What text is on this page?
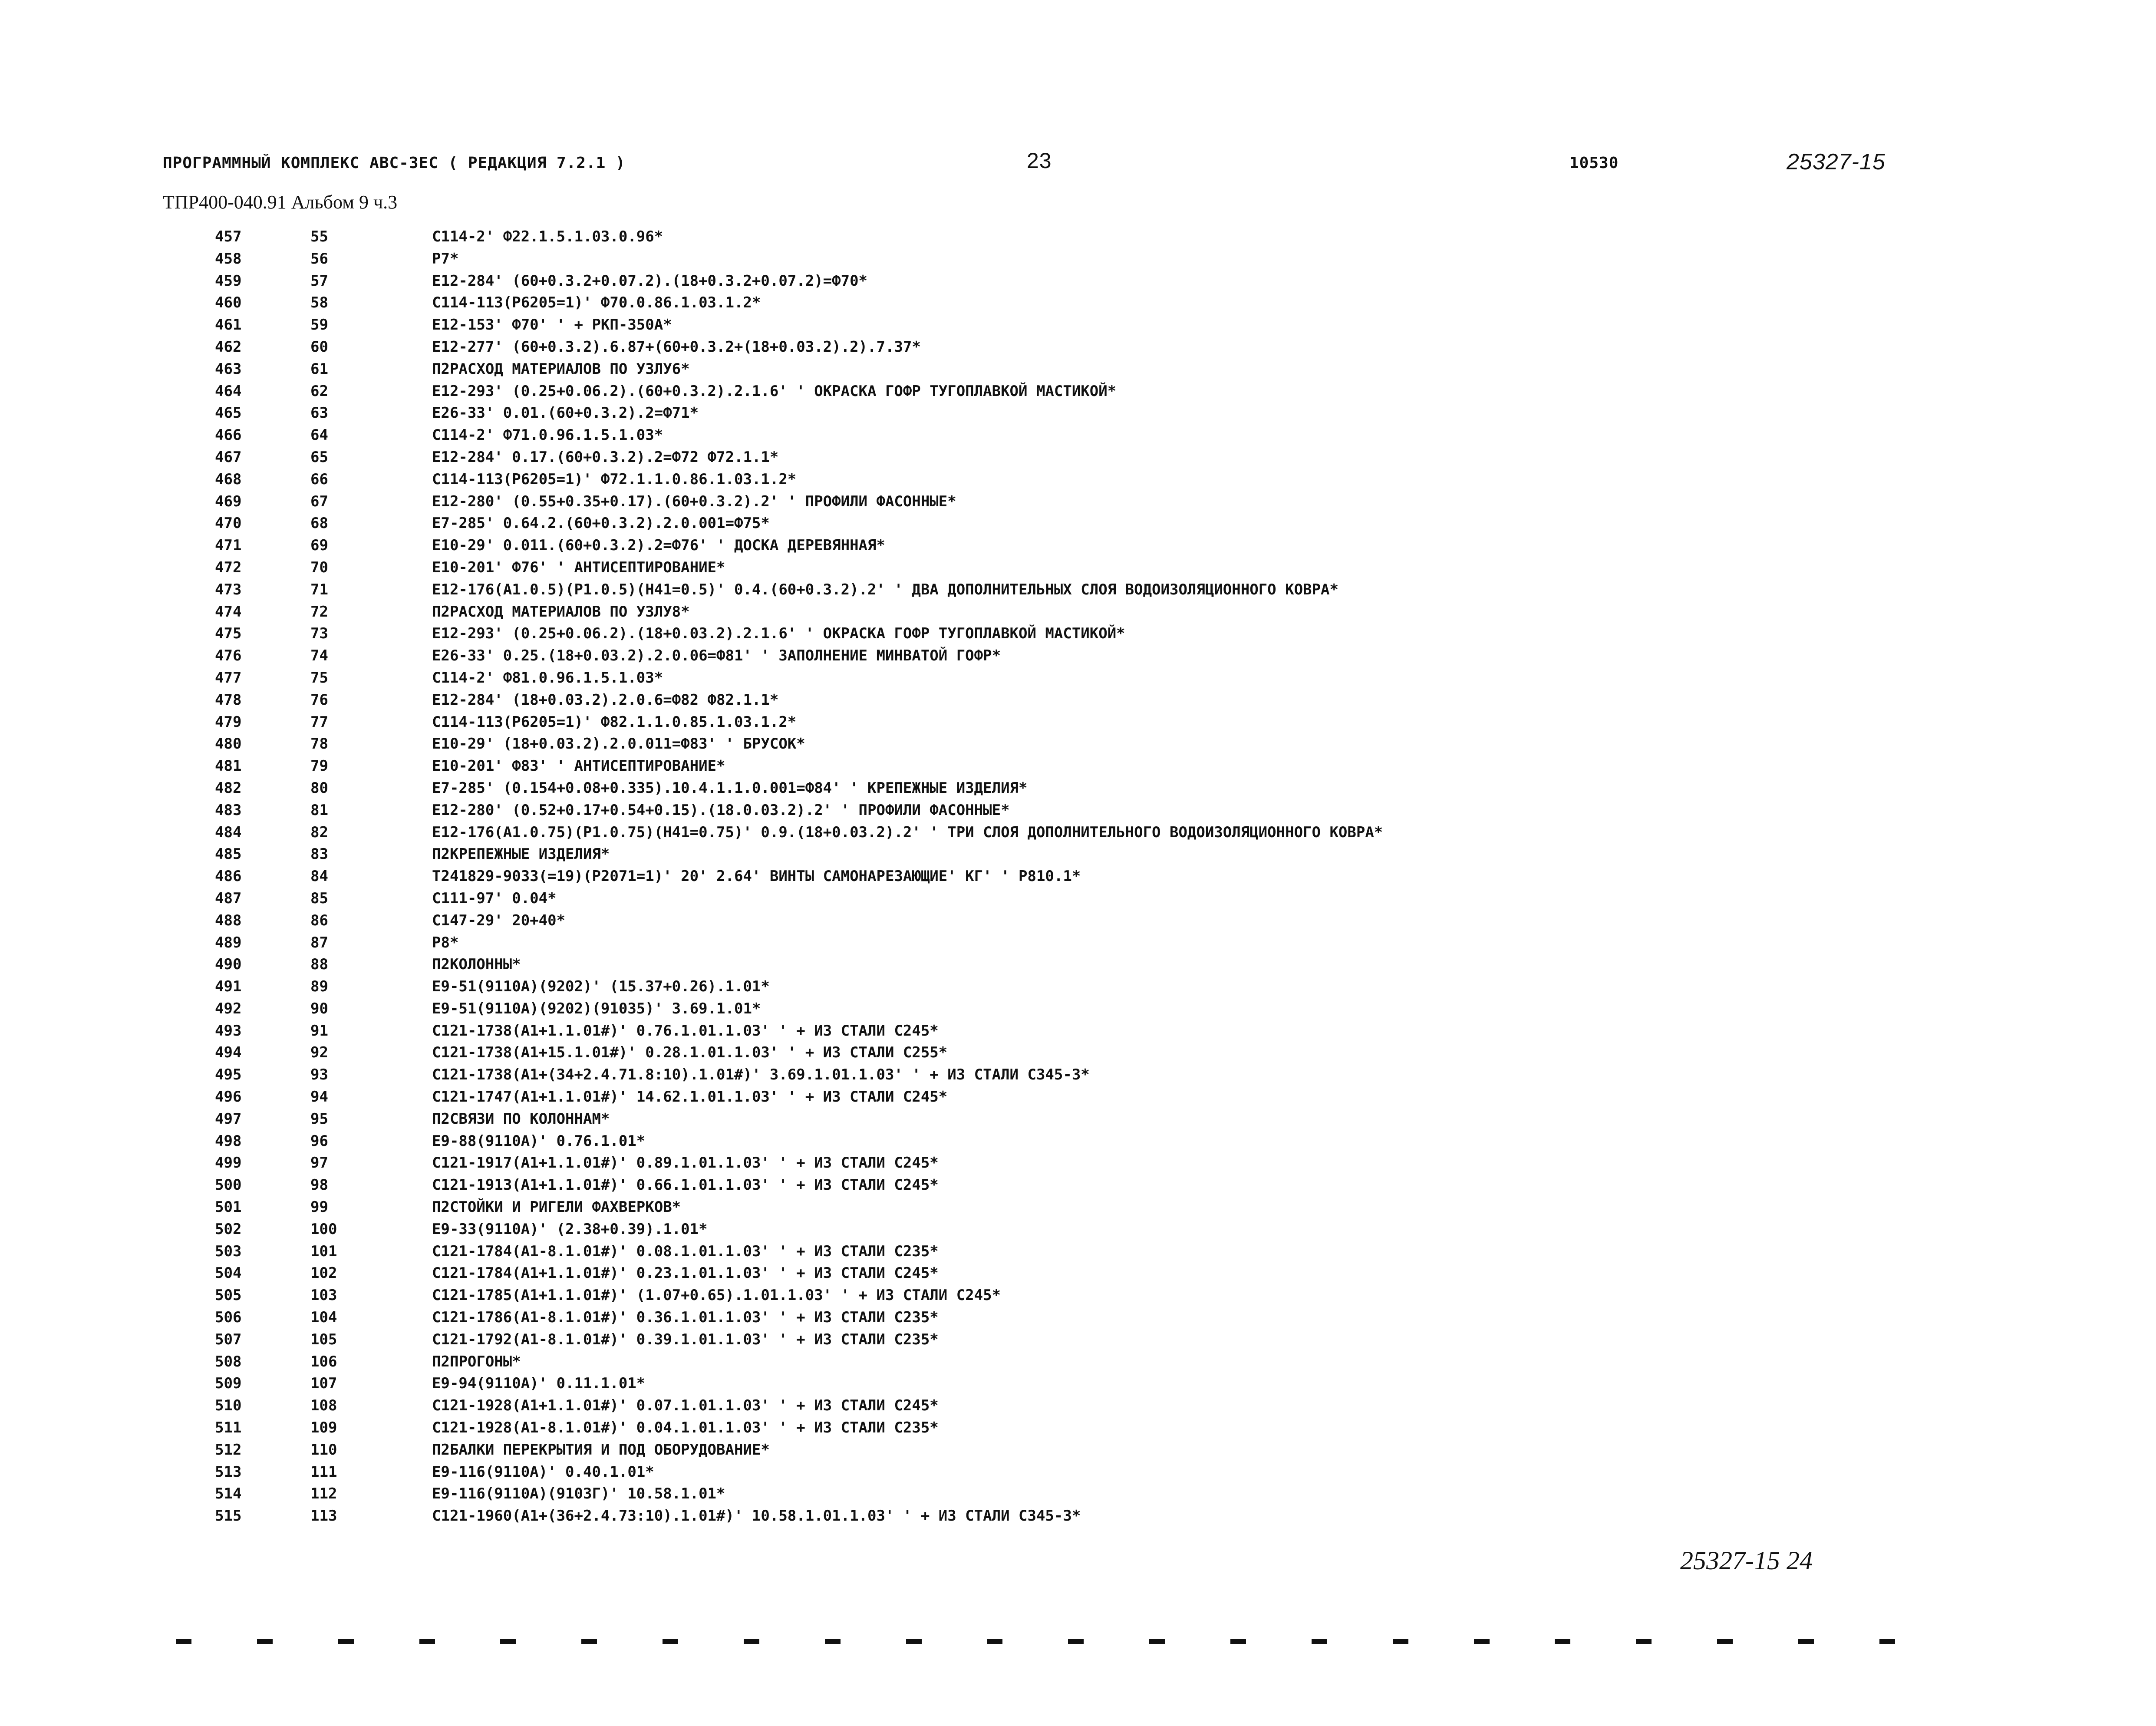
ПРОГРАММНЫЙ КОМПЛЕКС АВС-3ЕС ( РЕДАКЦИЯ 7.2.1 )	23	10530	25327-15
ТПР400-040.91 Альбом 9 ч.3
457	55	С114-2' Ф22.1.5.1.03.0.96*
458	56	Р7*
459	57	Е12-284' (60+0.3.2+0.07.2).(18+0.3.2+0.07.2)=Ф70*
460	58	С114-113(Р6205=1)' Ф70.0.86.1.03.1.2*
461	59	Е12-153' Ф70' ' + РКП-350А*
462	60	Е12-277' (60+0.3.2).6.87+(60+0.3.2+(18+0.03.2).2).7.37*
463	61	П2РАСХОД МАТЕРИАЛОВ ПО УЗЛУ6*
464	62	Е12-293' (0.25+0.06.2).(60+0.3.2).2.1.6' ' ОКРАСКА ГОФР ТУГОПЛАВКОЙ МАСТИКОЙ*
465	63	Е26-33' 0.01.(60+0.3.2).2=Ф71*
466	64	С114-2' Ф71.0.96.1.5.1.03*
467	65	Е12-284' 0.17.(60+0.3.2).2=Ф72 Ф72.1.1*
468	66	С114-113(Р6205=1)' Ф72.1.1.0.86.1.03.1.2*
469	67	Е12-280' (0.55+0.35+0.17).(60+0.3.2).2' ' ПРОФИЛИ ФАСОННЫЕ*
470	68	Е7-285' 0.64.2.(60+0.3.2).2.0.001=Ф75*
471	69	Е10-29' 0.011.(60+0.3.2).2=Ф76' ' ДОСКА ДЕРЕВЯННАЯ*
472	70	Е10-201' Ф76' ' АНТИСЕПТИРОВАНИЕ*
473	71	Е12-176(А1.0.5)(Р1.0.5)(Н41=0.5)' 0.4.(60+0.3.2).2' ' ДВА ДОПОЛНИТЕЛЬНЫХ СЛОЯ ВОДОИЗОЛЯЦИОННОГО КОВРА*
474	72	П2РАСХОД МАТЕРИАЛОВ ПО УЗЛУ8*
475	73	Е12-293' (0.25+0.06.2).(18+0.03.2).2.1.6' ' ОКРАСКА ГОФР ТУГОПЛАВКОЙ МАСТИКОЙ*
476	74	Е26-33' 0.25.(18+0.03.2).2.0.06=Ф81' ' ЗАПОЛНЕНИЕ МИНВАТОЙ ГОФР*
477	75	С114-2' Ф81.0.96.1.5.1.03*
478	76	Е12-284' (18+0.03.2).2.0.6=Ф82 Ф82.1.1*
479	77	С114-113(Р6205=1)' Ф82.1.1.0.85.1.03.1.2*
480	78	Е10-29' (18+0.03.2).2.0.011=Ф83' ' БРУСОК*
481	79	Е10-201' Ф83' ' АНТИСЕПТИРОВАНИЕ*
482	80	Е7-285' (0.154+0.08+0.335).10.4.1.1.0.001=Ф84' ' КРЕПЕЖНЫЕ ИЗДЕЛИЯ*
483	81	Е12-280' (0.52+0.17+0.54+0.15).(18.0.03.2).2' ' ПРОФИЛИ ФАСОННЫЕ*
484	82	Е12-176(А1.0.75)(Р1.0.75)(Н41=0.75)' 0.9.(18+0.03.2).2' ' ТРИ СЛОЯ ДОПОЛНИТЕЛЬНОГО ВОДОИЗОЛЯЦИОННОГО КОВРА*
485	83	П2КРЕПЕЖНЫЕ ИЗДЕЛИЯ*
486	84	Т241829-9033(=19)(Р2071=1)' 20' 2.64' ВИНТЫ САМОНАРЕЗАЮЩИЕ' КГ' ' Р810.1*
487	85	С111-97' 0.04*
488	86	С147-29' 20+40*
489	87	Р8*
490	88	П2КОЛОННЫ*
491	89	Е9-51(9110А)(9202)' (15.37+0.26).1.01*
492	90	Е9-51(9110А)(9202)(91035)' 3.69.1.01*
493	91	С121-1738(А1+1.1.01#)' 0.76.1.01.1.03' ' + ИЗ СТАЛИ С245*
494	92	С121-1738(А1+15.1.01#)' 0.28.1.01.1.03' ' + ИЗ СТАЛИ С255*
495	93	С121-1738(А1+(34+2.4.71.8:10).1.01#)' 3.69.1.01.1.03' ' + ИЗ СТАЛИ С345-3*
496	94	С121-1747(А1+1.1.01#)' 14.62.1.01.1.03' ' + ИЗ СТАЛИ С245*
497	95	П2СВЯЗИ ПО КОЛОННАМ*
498	96	Е9-88(9110А)' 0.76.1.01*
499	97	С121-1917(А1+1.1.01#)' 0.89.1.01.1.03' ' + ИЗ СТАЛИ С245*
500	98	С121-1913(А1+1.1.01#)' 0.66.1.01.1.03' ' + ИЗ СТАЛИ С245*
501	99	П2СТОЙКИ И РИГЕЛИ ФАХВЕРКОВ*
502	100	Е9-33(9110А)' (2.38+0.39).1.01*
503	101	С121-1784(А1-8.1.01#)' 0.08.1.01.1.03' ' + ИЗ СТАЛИ С235*
504	102	С121-1784(А1+1.1.01#)' 0.23.1.01.1.03' ' + ИЗ СТАЛИ С245*
505	103	С121-1785(А1+1.1.01#)' (1.07+0.65).1.01.1.03' ' + ИЗ СТАЛИ С245*
506	104	С121-1786(А1-8.1.01#)' 0.36.1.01.1.03' ' + ИЗ СТАЛИ С235*
507	105	С121-1792(А1-8.1.01#)' 0.39.1.01.1.03' ' + ИЗ СТАЛИ С235*
508	106	П2ПРОГОНЫ*
509	107	Е9-94(9110А)' 0.11.1.01*
510	108	С121-1928(А1+1.1.01#)' 0.07.1.01.1.03' ' + ИЗ СТАЛИ С245*
511	109	С121-1928(А1-8.1.01#)' 0.04.1.01.1.03' ' + ИЗ СТАЛИ С235*
512	110	П2БАЛКИ ПЕРЕКРЫТИЯ И ПОД ОБОРУДОВАНИЕ*
513	111	Е9-116(9110А)' 0.40.1.01*
514	112	Е9-116(9110А)(9103Г)' 10.58.1.01*
515	113	С121-1960(А1+(36+2.4.73:10).1.01#)' 10.58.1.01.1.03' ' + ИЗ СТАЛИ С345-3*
25327-15 24
